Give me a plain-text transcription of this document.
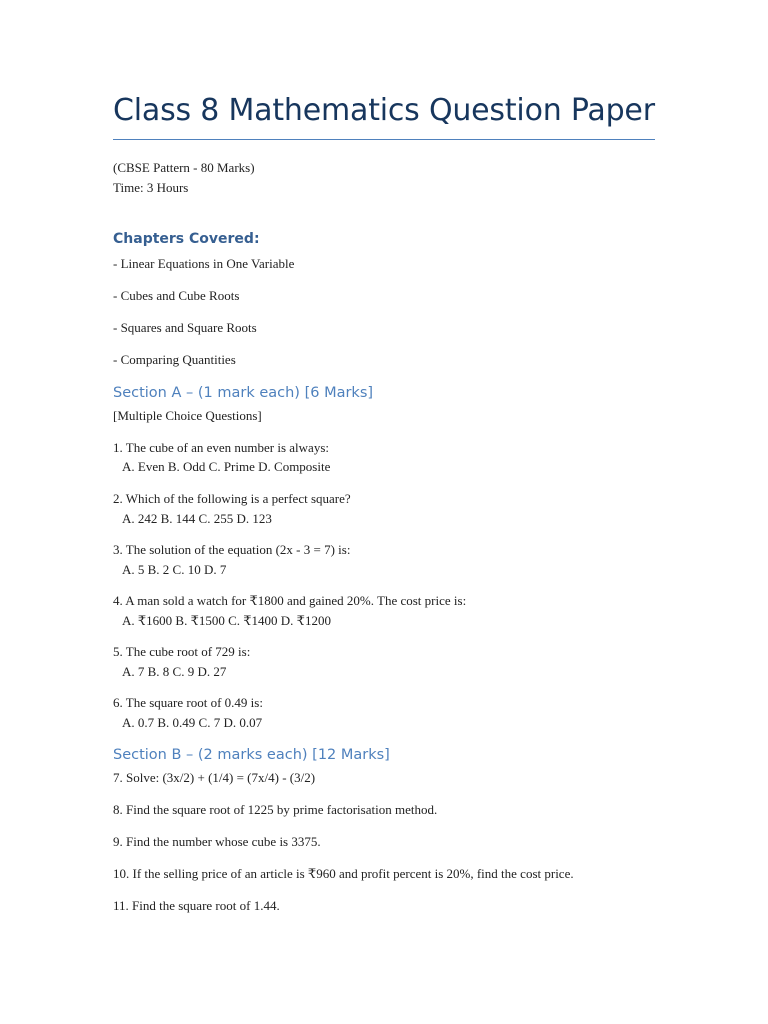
Class 8 Mathematics Question Paper
(CBSE Pattern - 80 Marks)
Time: 3 Hours
Chapters Covered:
- Linear Equations in One Variable
- Cubes and Cube Roots
- Squares and Square Roots
- Comparing Quantities
Section A – (1 mark each) [6 Marks]
[Multiple Choice Questions]
1. The cube of an even number is always:
A. Even B. Odd C. Prime D. Composite
2. Which of the following is a perfect square?
A. 242 B. 144 C. 255 D. 123
3. The solution of the equation (2x - 3 = 7) is:
A. 5 B. 2 C. 10 D. 7
4. A man sold a watch for ₹1800 and gained 20%. The cost price is:
A. ₹1600 B. ₹1500 C. ₹1400 D. ₹1200
5. The cube root of 729 is:
A. 7 B. 8 C. 9 D. 27
6. The square root of 0.49 is:
A. 0.7 B. 0.49 C. 7 D. 0.07
Section B – (2 marks each) [12 Marks]
7. Solve: (3x/2) + (1/4) = (7x/4) - (3/2)
8. Find the square root of 1225 by prime factorisation method.
9. Find the number whose cube is 3375.
10. If the selling price of an article is ₹960 and profit percent is 20%, find the cost price.
11. Find the square root of 1.44.
